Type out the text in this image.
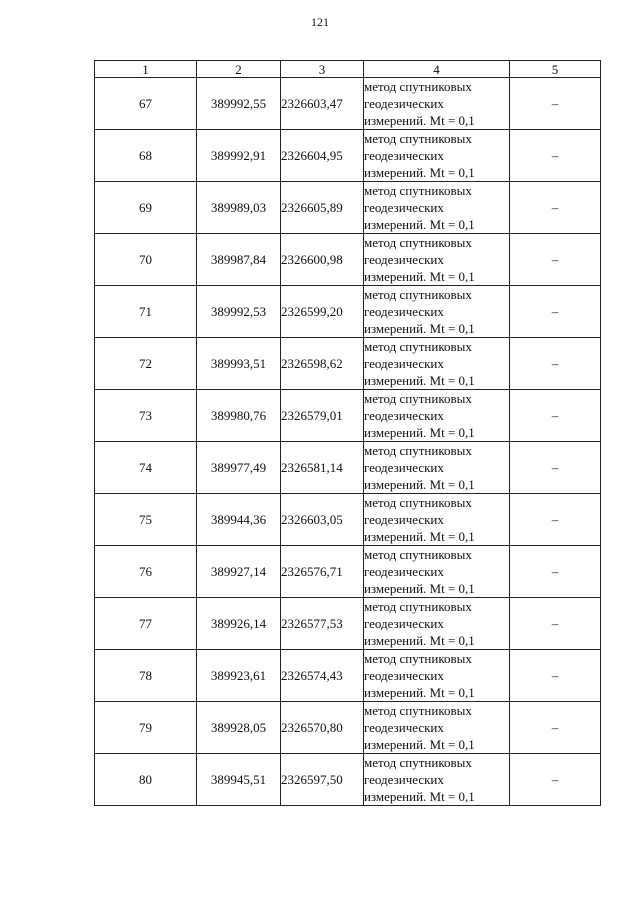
121
1	2	3	4	5
67	389992,55	2326603,47	метод спутниковых
геодезических
измерений. Mt = 0,1	–
68	389992,91	2326604,95	метод спутниковых
геодезических
измерений. Mt = 0,1	–
69	389989,03	2326605,89	метод спутниковых
геодезических
измерений. Mt = 0,1	–
70	389987,84	2326600,98	метод спутниковых
геодезических
измерений. Mt = 0,1	–
71	389992,53	2326599,20	метод спутниковых
геодезических
измерений. Mt = 0,1	–
72	389993,51	2326598,62	метод спутниковых
геодезических
измерений. Mt = 0,1	–
73	389980,76	2326579,01	метод спутниковых
геодезических
измерений. Mt = 0,1	–
74	389977,49	2326581,14	метод спутниковых
геодезических
измерений. Mt = 0,1	–
75	389944,36	2326603,05	метод спутниковых
геодезических
измерений. Mt = 0,1	–
76	389927,14	2326576,71	метод спутниковых
геодезических
измерений. Mt = 0,1	–
77	389926,14	2326577,53	метод спутниковых
геодезических
измерений. Mt = 0,1	–
78	389923,61	2326574,43	метод спутниковых
геодезических
измерений. Mt = 0,1	–
79	389928,05	2326570,80	метод спутниковых
геодезических
измерений. Mt = 0,1	–
80	389945,51	2326597,50	метод спутниковых
геодезических
измерений. Mt = 0,1	–
